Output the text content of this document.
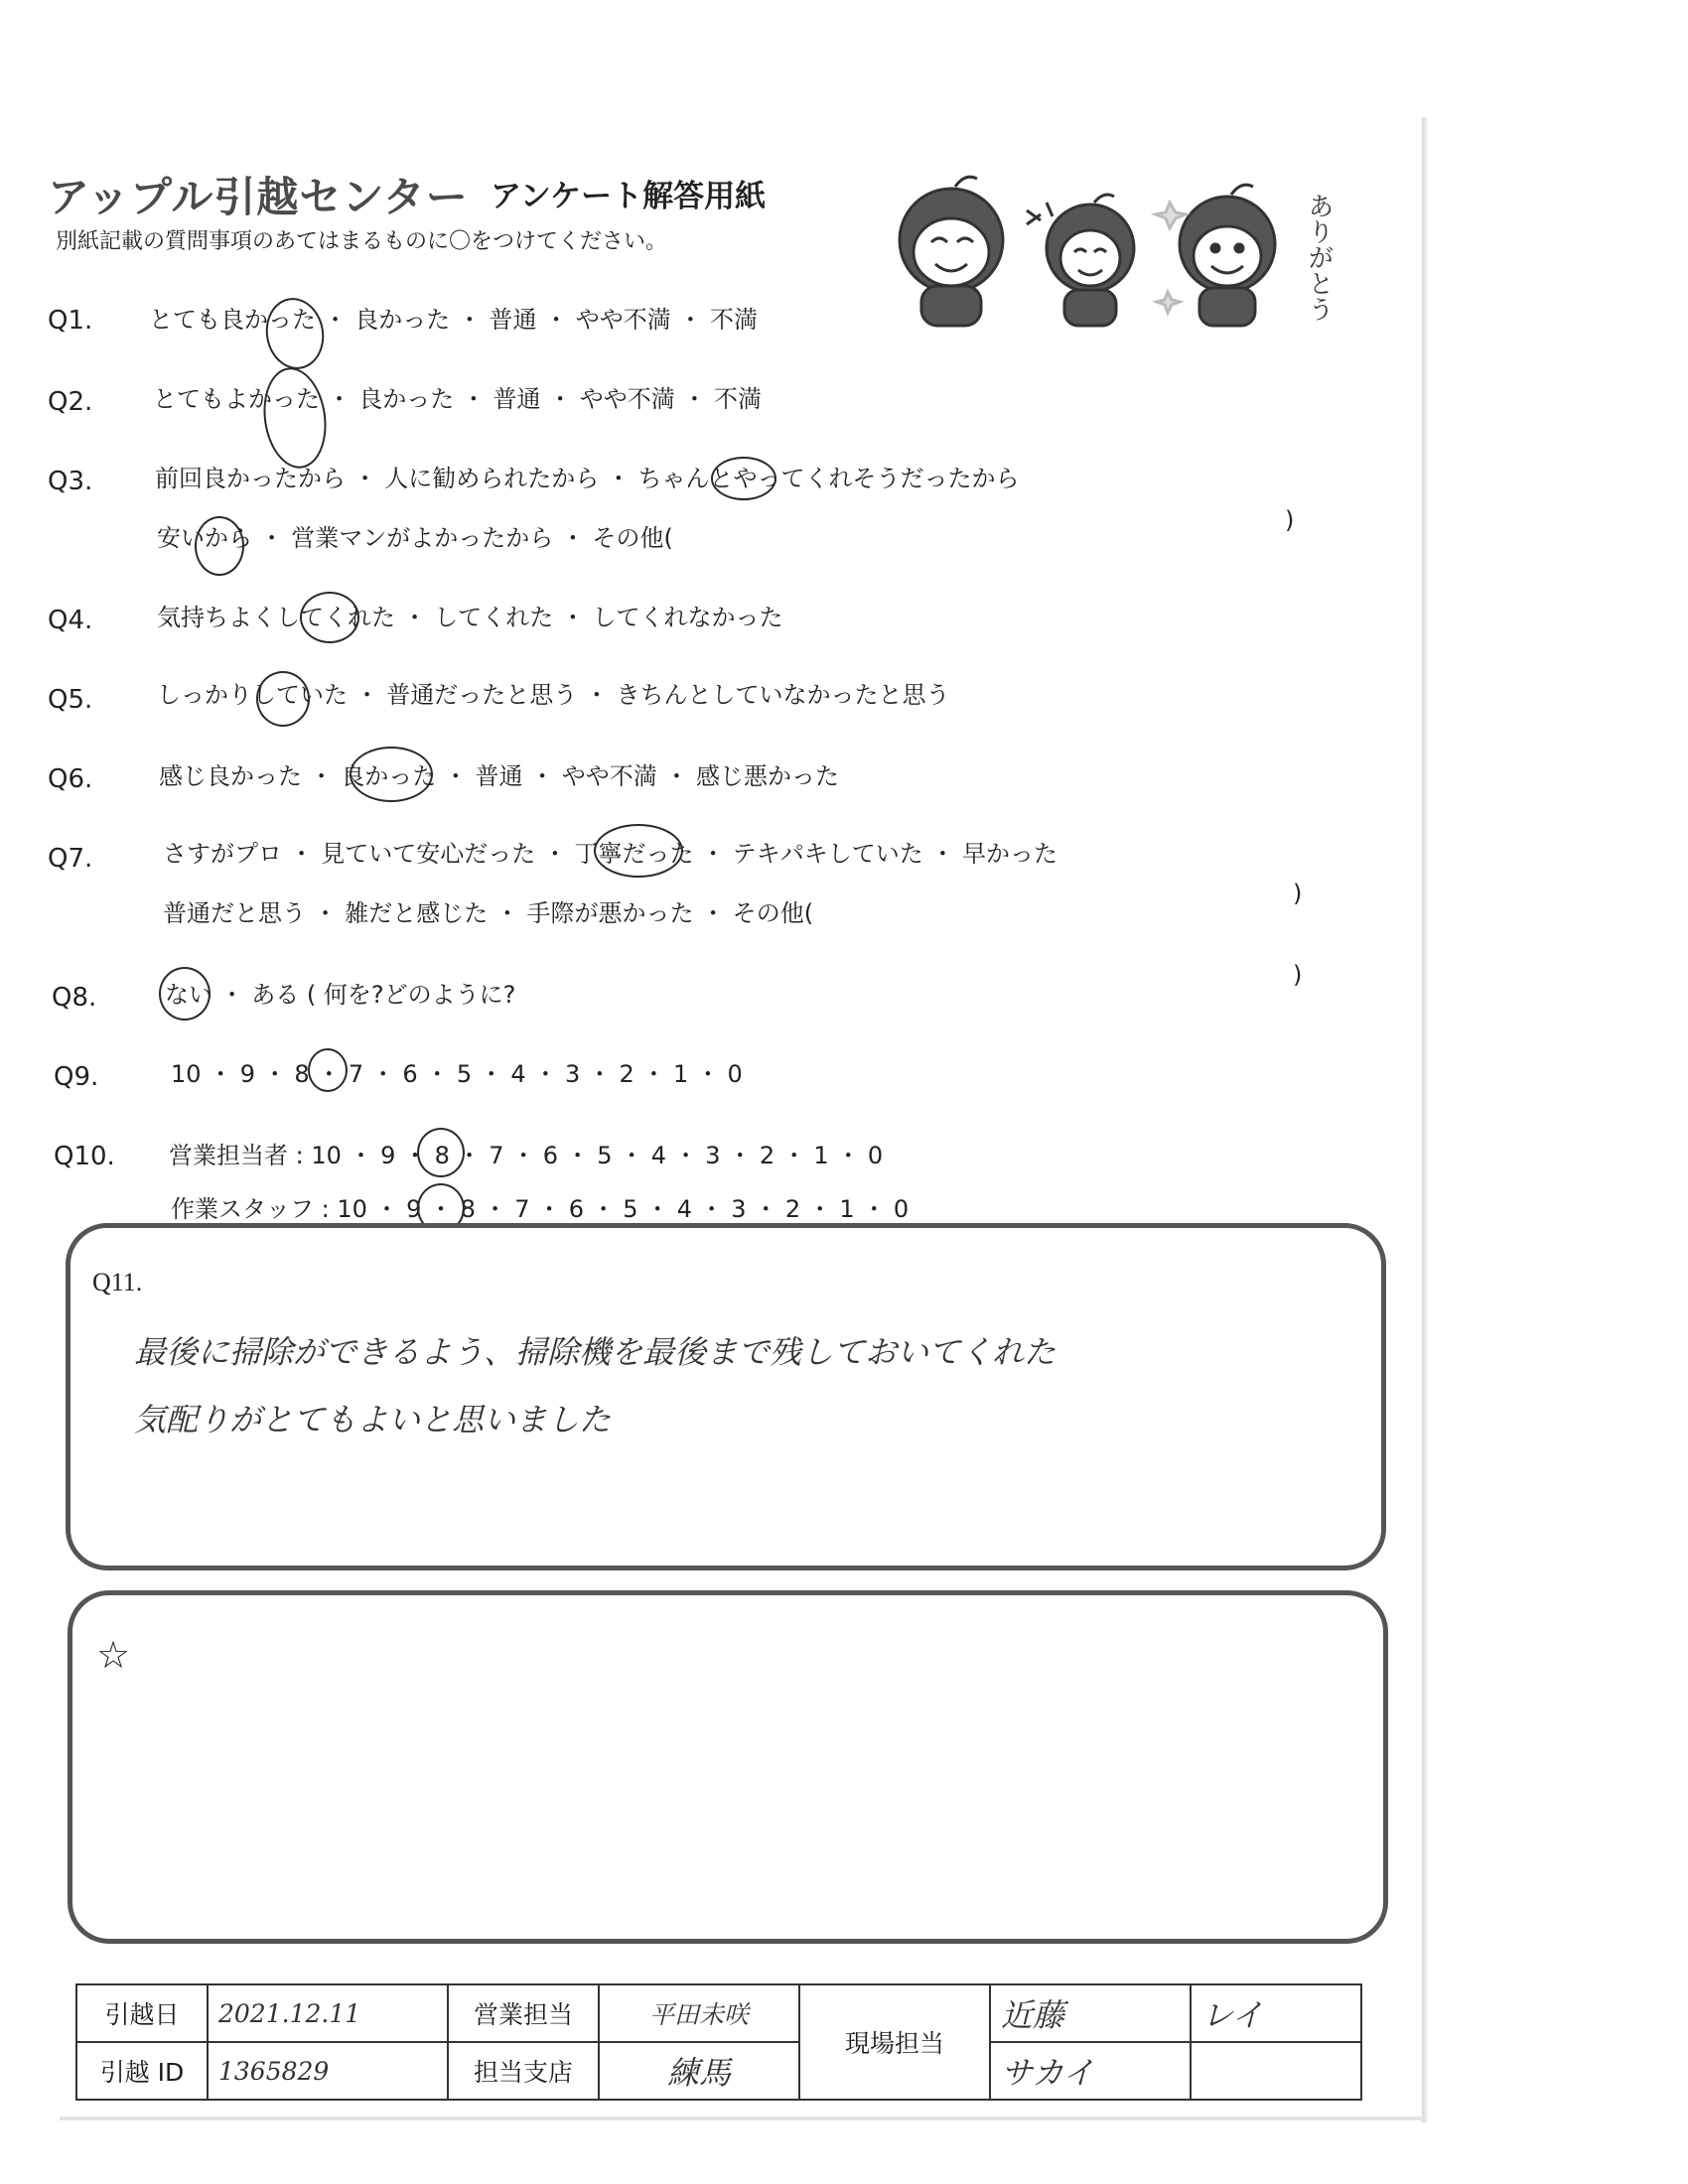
アップル引越センター アンケート解答用紙
別紙記載の質問事項のあてはまるものに〇をつけてください。	ありがとう
Q1. とても良かった ・ 良かった ・ 普通 ・ やや不満 ・ 不満
Q2.	とてもよかった ・ 良かった ・ 普通 ・ やや不満 ・ 不満
Q3.	前回良かったから ・ 人に勧められたから ・ ちゃんとやってくれそうだったから
安いから ・ 営業マンがよかったから ・ その他(
)
Q4.	気持ちよくしてくれた ・ してくれた ・ してくれなかった
Q5.	しっかりしていた ・ 普通だったと思う ・ きちんとしていなかったと思う
Q6.	感じ良かった ・ 良かった ・ 普通 ・ やや不満 ・ 感じ悪かった
Q7.	さすがプロ ・ 見ていて安心だった ・ 丁寧だった ・ テキパキしていた ・ 早かった
普通だと思う ・ 雑だと感じた ・ 手際が悪かった ・ その他(
)
Q8.	ない ・ ある ( 何を?どのように?
)
Q9.	10 ・ 9 ・ 8 ・ 7 ・ 6 ・ 5 ・ 4 ・ 3 ・ 2 ・ 1 ・ 0
Q10. 営業担当者 : 10 ・ 9 ・ 8 ・ 7 ・ 6 ・ 5 ・ 4 ・ 3 ・ 2 ・ 1 ・ 0
作業スタッフ : 10 ・ 9 ・ 8 ・ 7 ・ 6 ・ 5 ・ 4 ・ 3 ・ 2 ・ 1 ・ 0
Q11.
最後に掃除ができるよう、掃除機を最後まで残しておいてくれた
気配りがとてもよいと思いました
☆
引越日	2021.12.11	営業担当	平田未咲	現場担当	近藤	レイ
引越 ID	1365829	担当支店	練馬		サカイ	
